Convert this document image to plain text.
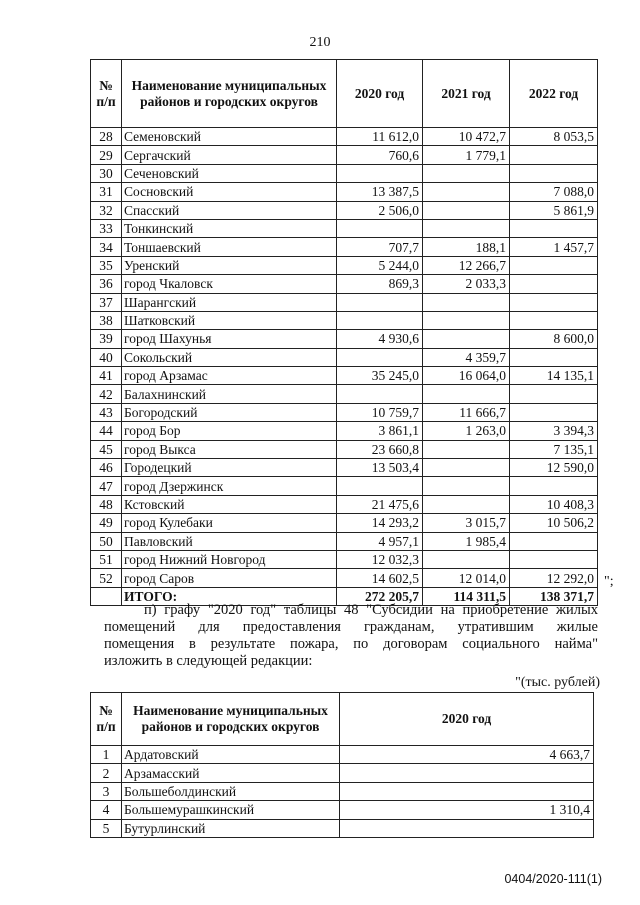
210
№ п/п	Наименование муниципальных районов и городских округов	2020 год	2021 год	2022 год
28	Семеновский	11 612,0	10 472,7	8 053,5
29	Сергачский	760,6	1 779,1	
30	Сеченовский			
31	Сосновский	13 387,5		7 088,0
32	Спасский	2 506,0		5 861,9
33	Тонкинский			
34	Тоншаевский	707,7	188,1	1 457,7
35	Уренский	5 244,0	12 266,7	
36	город Чкаловск	869,3	2 033,3	
37	Шарангский			
38	Шатковский			
39	город Шахунья	4 930,6		8 600,0
40	Сокольский		4 359,7	
41	город Арзамас	35 245,0	16 064,0	14 135,1
42	Балахнинский			
43	Богородский	10 759,7	11 666,7	
44	город Бор	3 861,1	1 263,0	3 394,3
45	город Выкса	23 660,8		7 135,1
46	Городецкий	13 503,4		12 590,0
47	город Дзержинск			
48	Кстовский	21 475,6		10 408,3
49	город Кулебаки	14 293,2	3 015,7	10 506,2
50	Павловский	4 957,1	1 985,4	
51	город Нижний Новгород	12 032,3		
52	город Саров	14 602,5	12 014,0	12 292,0
	ИТОГО:	272 205,7	114 311,5	138 371,7
";
п) графу "2020 год" таблицы 48 "Субсидии на приобретение жилых
помещений для предоставления гражданам, утратившим жилые
помещения в результате пожара, по договорам социального найма"
изложить в следующей редакции:
"(тыс. рублей)
№ п/п	Наименование муниципальных районов и городских округов	2020 год
1	Ардатовский	4 663,7
2	Арзамасский	
3	Большеболдинский	
4	Большемурашкинский	1 310,4
5	Бутурлинский	
0404/2020-111(1)
